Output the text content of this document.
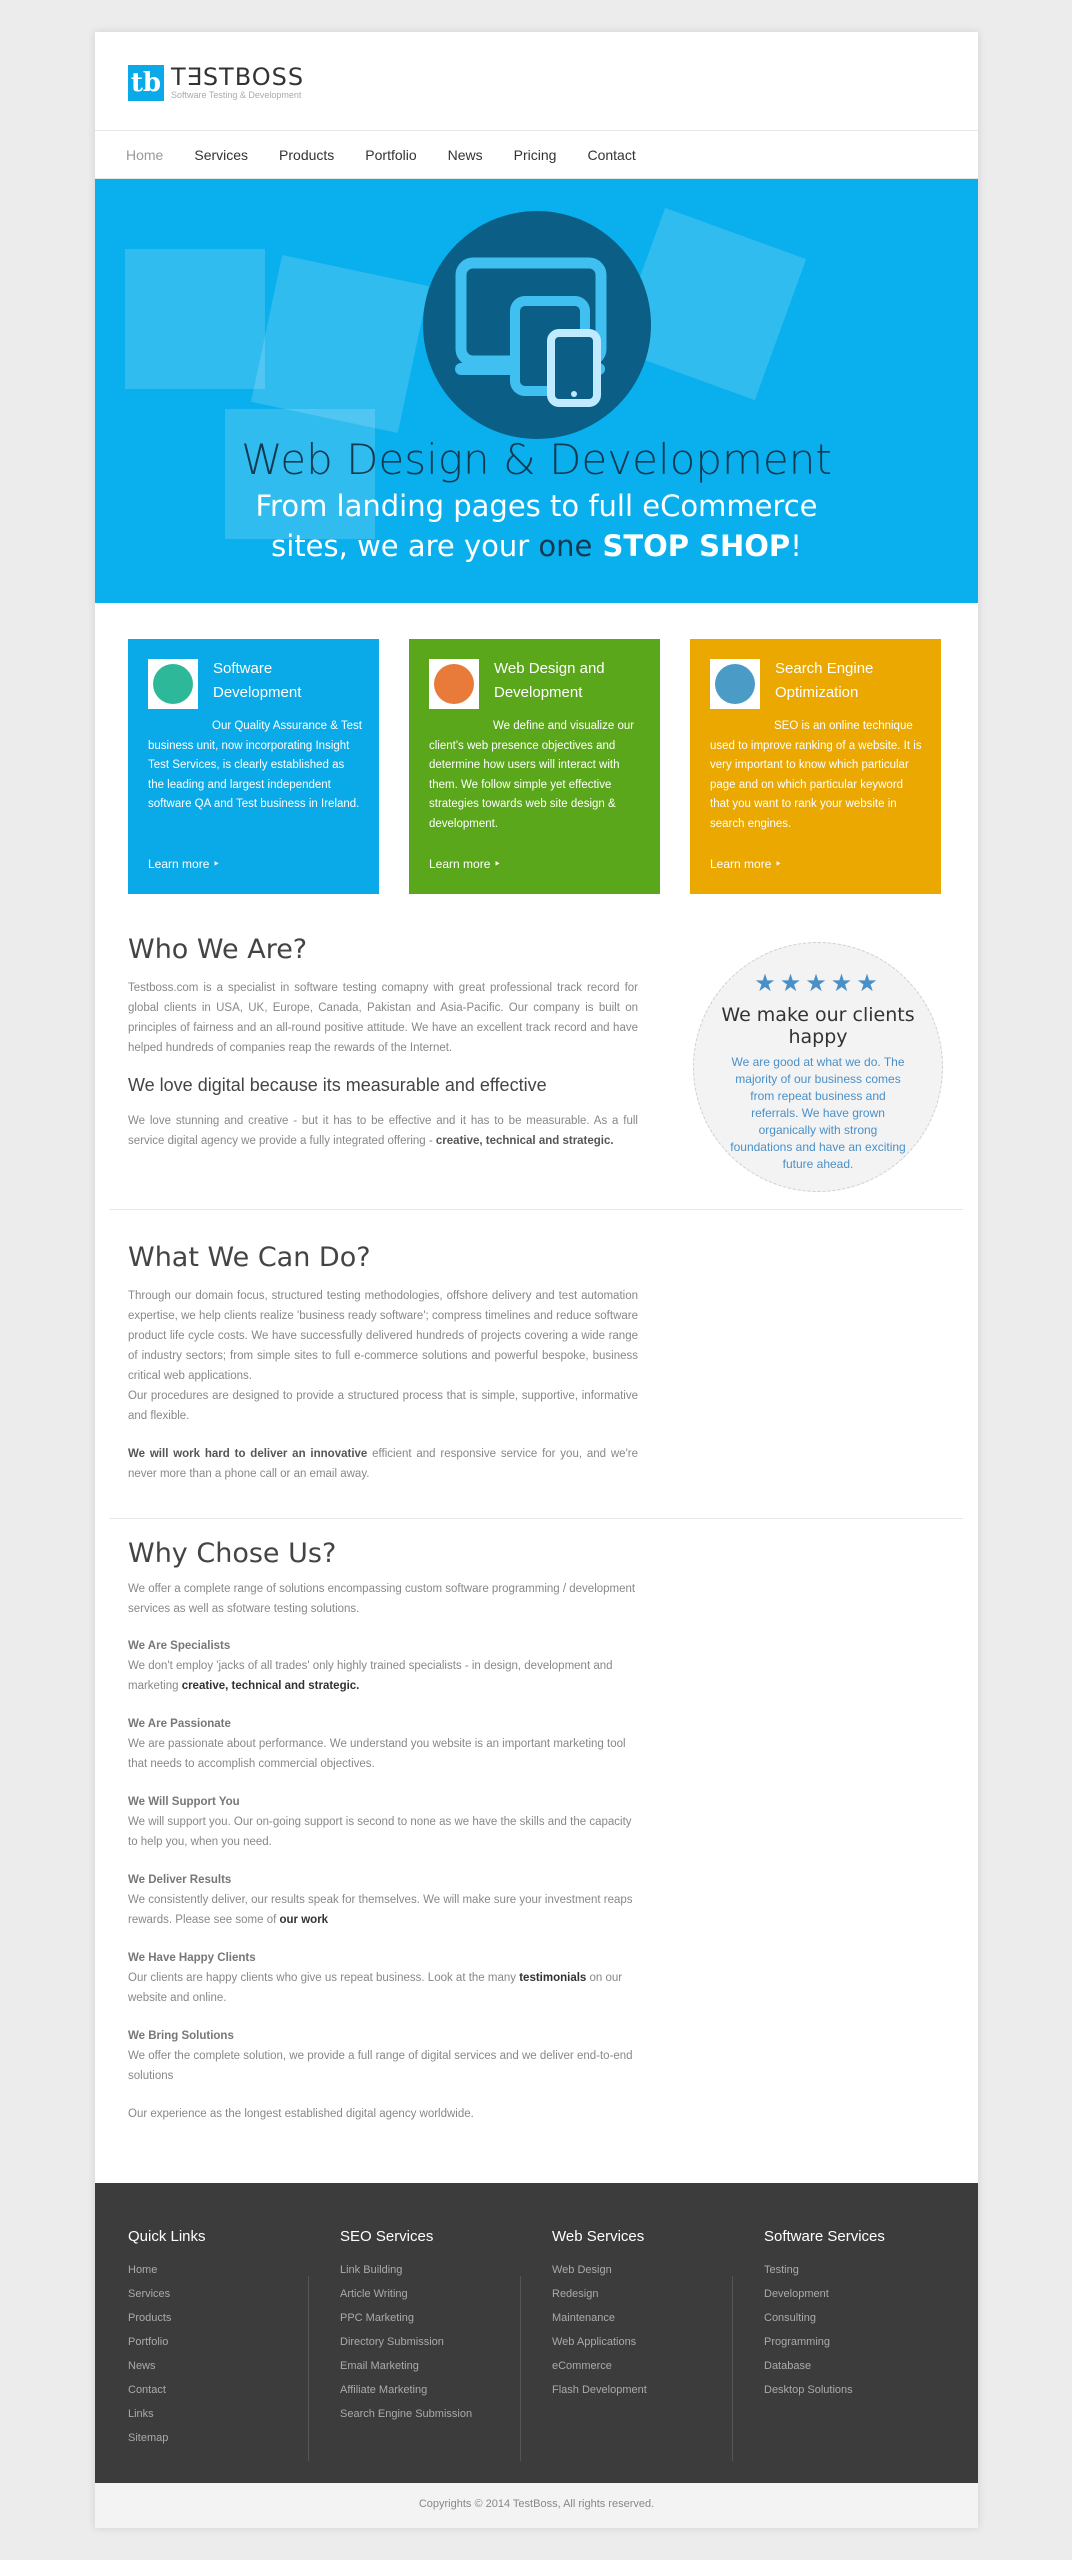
tb T∃STBOSS
Software Testing & Development
Home Services Products Portfolio News Pricing Contact
Web Design & Development
From landing pages to full eCommerce
sites, we are your one STOP SHOP!
Software Development
Our Quality Assurance & Test business unit, now incorporating Insight Test Services, is clearly established as the leading and largest independent software QA and Test business in Ireland.
Learn more ‣
Web Design and Development
We define and visualize our client's web presence objectives and determine how users will interact with them. We follow simple yet effective strategies towards web site design & development.
Learn more ‣
Search Engine Optimization
SEO is an online technique used to improve ranking of a website. It is very important to know which particular page and on which particular keyword that you want to rank your website in search engines.
Learn more ‣
Who We Are?
Testboss.com is a specialist in software testing comapny with great professional track record for global clients in USA, UK, Europe, Canada, Pakistan and Asia-Pacific. Our company is built on principles of fairness and an all-round positive attitude. We have an excellent track record and have helped hundreds of companies reap the rewards of the Internet.
We love digital because its measurable and effective
We love stunning and creative - but it has to be effective and it has to be measurable. As a full service digital agency we provide a fully integrated offering - creative, technical and strategic.
★★★★★
We make our clients happy
We are good at what we do. The majority of our business comes from repeat business and referrals. We have grown organically with strong foundations and have an exciting future ahead.
What We Can Do?
Through our domain focus, structured testing methodologies, offshore delivery and test automation expertise, we help clients realize 'business ready software'; compress timelines and reduce software product life cycle costs. We have successfully delivered hundreds of projects covering a wide range of industry sectors; from simple sites to full e-commerce solutions and powerful bespoke, business critical web applications.
Our procedures are designed to provide a structured process that is simple, supportive, informative and flexible.
We will work hard to deliver an innovative efficient and responsive service for you, and we're never more than a phone call or an email away.
Why Chose Us?
We offer a complete range of solutions encompassing custom software programming / development services as well as sfotware testing solutions.
We Are Specialists
We don't employ 'jacks of all trades' only highly trained specialists - in design, development and marketing creative, technical and strategic.
We Are Passionate
We are passionate about performance. We understand you website is an important marketing tool that needs to accomplish commercial objectives.
We Will Support You
We will support you. Our on-going support is second to none as we have the skills and the capacity to help you, when you need.
We Deliver Results
We consistently deliver, our results speak for themselves. We will make sure your investment reaps rewards. Please see some of our work
We Have Happy Clients
Our clients are happy clients who give us repeat business. Look at the many testimonials on our website and online.
We Bring Solutions
We offer the complete solution, we provide a full range of digital services and we deliver end-to-end solutions
Our experience as the longest established digital agency worldwide.
Quick Links
Home
Services
Products
Portfolio
News
Contact
Links
Sitemap
SEO Services
Link Building
Article Writing
PPC Marketing
Directory Submission
Email Marketing
Affiliate Marketing
Search Engine Submission
Web Services
Web Design
Redesign
Maintenance
Web Applications
eCommerce
Flash Development
Software Services
Testing
Development
Consulting
Programming
Database
Desktop Solutions
Copyrights © 2014 TestBoss, All rights reserved.
